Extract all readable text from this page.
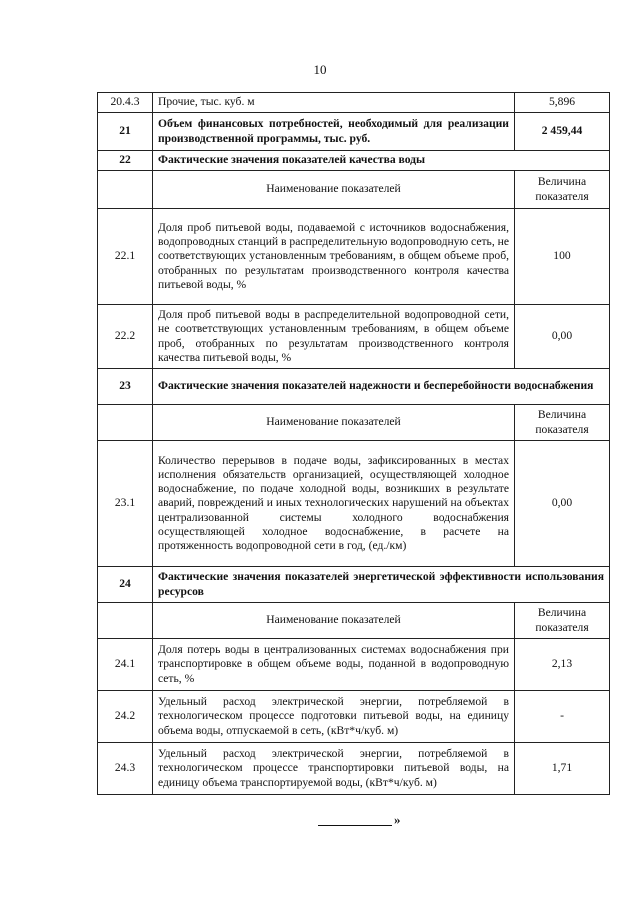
10
20.4.3	Прочие, тыс. куб. м	5,896
21	Объем финансовых потребностей, необходимый для реализации производственной программы, тыс. руб.	2 459,44
22	Фактические значения показателей качества воды	
	Наименование показателей	Величина показателя
22.1	Доля проб питьевой воды, подаваемой с источников водоснабжения, водопроводных станций в распределительную водопроводную сеть, не соответствующих установленным требованиям, в общем объеме проб, отобранных по результатам производственного контроля качества питьевой воды, %	100
22.2	Доля проб питьевой воды в распределительной водопроводной сети, не соответствующих установленным требованиям, в общем объеме проб, отобранных по результатам производственного контроля качества питьевой воды, %	0,00
23	Фактические значения показателей надежности и бесперебойности водоснабжения	
	Наименование показателей	Величина показателя
23.1	Количество перерывов в подаче воды, зафиксированных в местах исполнения обязательств организацией, осуществляющей холодное водоснабжение, по подаче холодной воды, возникших в результате аварий, повреждений и иных технологических нарушений на объектах централизованной системы холодного водоснабжения осуществляющей холодное водоснабжение, в расчете на протяженность водопроводной сети в год, (ед./км)	0,00
24	Фактические значения показателей энергетической эффективности использования ресурсов	
	Наименование показателей	Величина показателя
24.1	Доля потерь воды в централизованных системах водоснабжения при транспортировке в общем объеме воды, поданной в водопроводную сеть, %	2,13
24.2	Удельный расход электрической энергии, потребляемой в технологическом процессе подготовки питьевой воды, на единицу объема воды, отпускаемой в сеть, (кВт*ч/куб. м)	-
24.3	Удельный расход электрической энергии, потребляемой в технологическом процессе транспортировки питьевой воды, на единицу объема транспортируемой воды, (кВт*ч/куб. м)	1,71
»
